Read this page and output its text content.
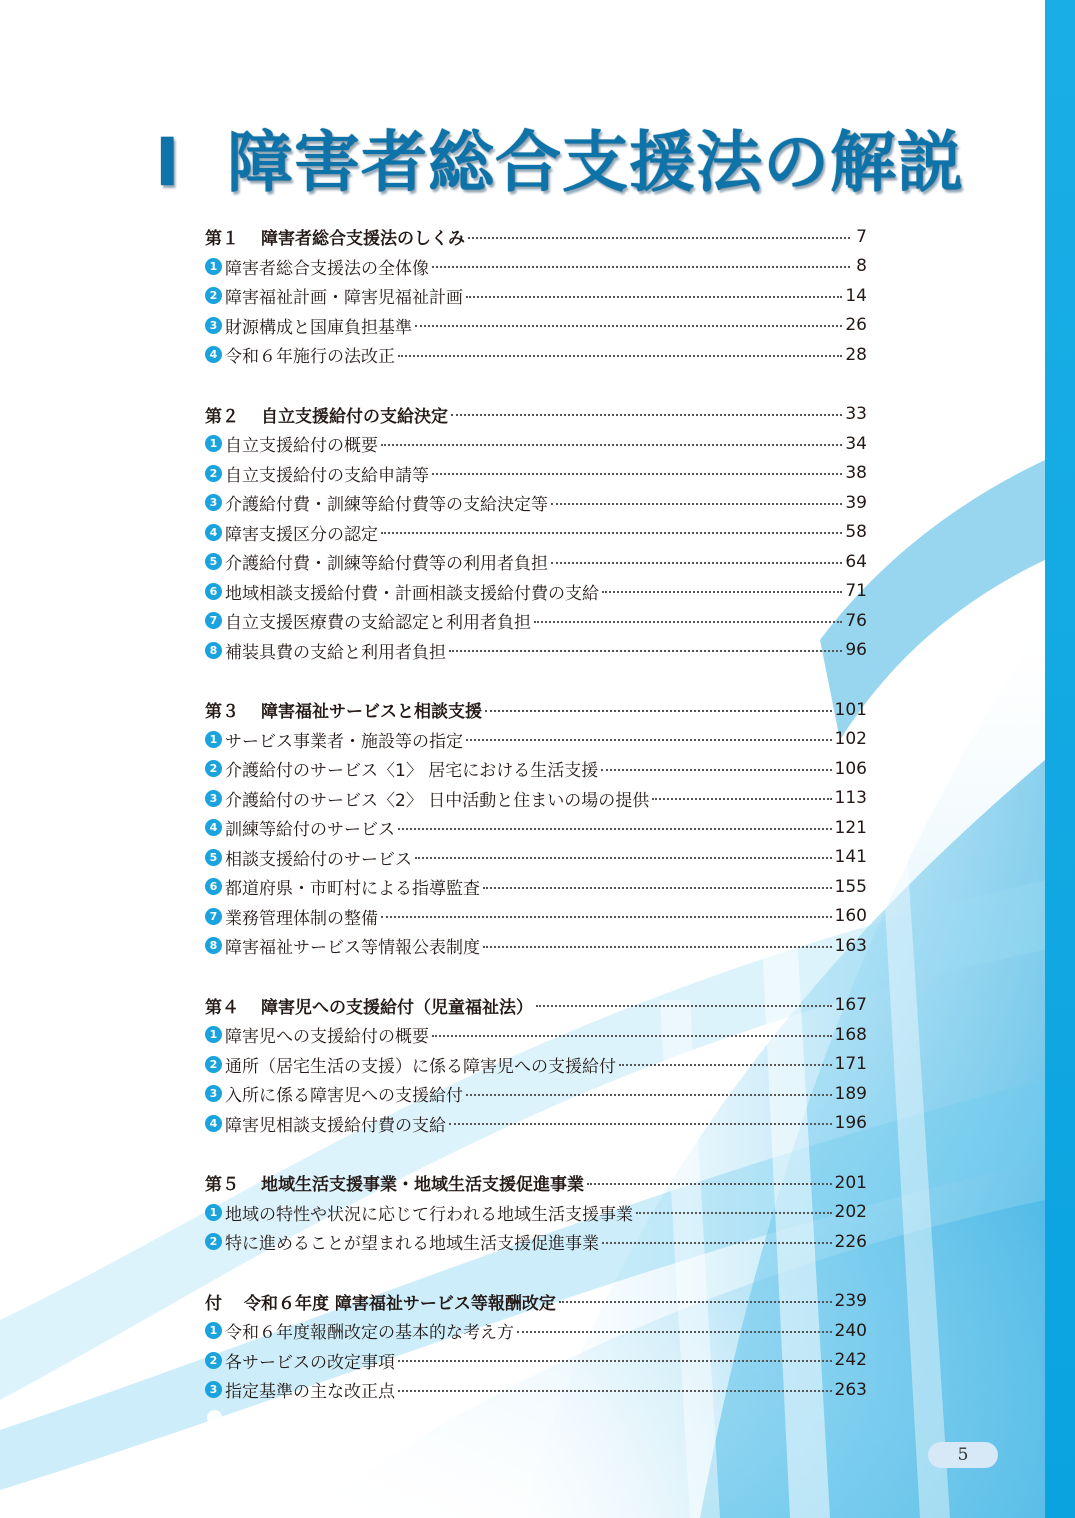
I 障害者総合支援法の解説
第１ 障害者総合支援法のしくみ	7
1 障害者総合支援法の全体像	8
2 障害福祉計画・障害児福祉計画	14
3 財源構成と国庫負担基準	26
4 令和６年施行の法改正	28
第２ 自立支援給付の支給決定	33
1 自立支援給付の概要	34
2 自立支援給付の支給申請等	38
3 介護給付費・訓練等給付費等の支給決定等	39
4 障害支援区分の認定	58
5 介護給付費・訓練等給付費等の利用者負担	64
6 地域相談支援給付費・計画相談支援給付費の支給	71
7 自立支援医療費の支給認定と利用者負担	76
8 補装具費の支給と利用者負担	96
第３ 障害福祉サービスと相談支援	101
1 サービス事業者・施設等の指定	102
2 介護給付のサービス〈1〉 居宅における生活支援	106
3 介護給付のサービス〈2〉 日中活動と住まいの場の提供	113
4 訓練等給付のサービス	121
5 相談支援給付のサービス	141
6 都道府県・市町村による指導監査	155
7 業務管理体制の整備	160
8 障害福祉サービス等情報公表制度	163
第４ 障害児への支援給付（児童福祉法）	167
1 障害児への支援給付の概要	168
2 通所（居宅生活の支援）に係る障害児への支援給付	171
3 入所に係る障害児への支援給付	189
4 障害児相談支援給付費の支給	196
第５ 地域生活支援事業・地域生活支援促進事業	201
1 地域の特性や状況に応じて行われる地域生活支援事業	202
2 特に進めることが望まれる地域生活支援促進事業	226
付 令和６年度 障害福祉サービス等報酬改定	239
1 令和６年度報酬改定の基本的な考え方	240
2 各サービスの改定事項	242
3 指定基準の主な改正点	263
5
